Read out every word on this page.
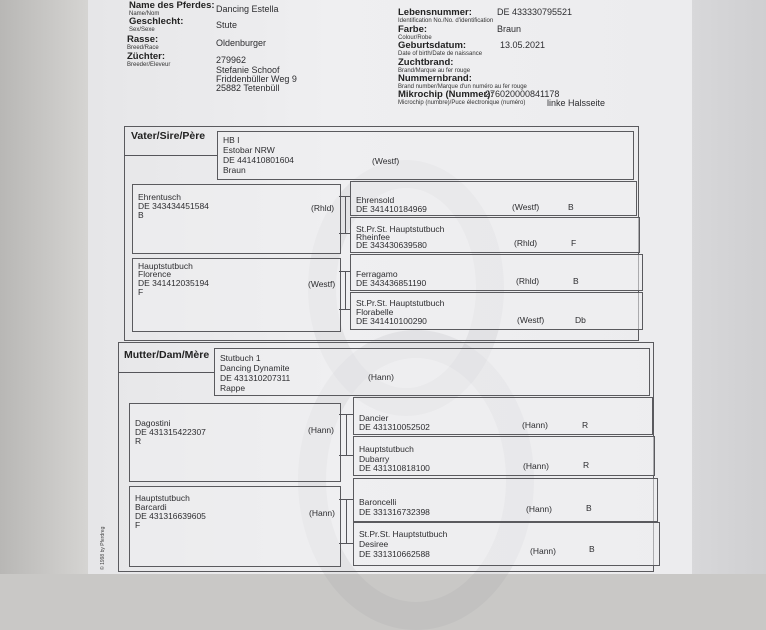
Name des Pferdes:
Name/Nom	Dancing Estella
Geschlecht:
Sex/Sexe	Stute
Rasse:
Breed/Race	Oldenburger
Züchter:
Breeder/Eleveur	279962
Stefanie Schoof
Friddenbüller Weg 9
25882 Tetenbüll
Lebensnummer:
Identification No./No. d'identification
DE 433330795521
Farbe:
Colour/Robe
Braun
Geburtsdatum:
Date of birth/Date de naissance
13.05.2021
Zuchtbrand:
Brand/Marque au fer rouge
Nummernbrand:
Brand number/Marque d'un numéro au fer rouge
Mikrochip (Nummer):
Microchip (numbre)/Puce électronique (numéro)
276020000841178
linke Halsseite
Vater/Sire/Père HB I
Estobar NRW
DE 441410801604
Braun
(Westf)
Ehrentusch
DE 343434451584
B
(Rhld)
Hauptstutbuch
Florence
DE 341412035194
F
(Westf)
Ehrensold
DE 341410184969	(Westf)	B
St.Pr.St. Hauptstutbuch
Rheinfee
DE 343430639580	(Rhld)	F
Ferragamo
DE 343436851190	(Rhld)	B
St.Pr.St. Hauptstutbuch
Florabelle
DE 341410100290	(Westf)	Db
Mutter/Dam/Mère Stutbuch 1
Dancing Dynamite
DE 431310207311
Rappe
(Hann)
Dagostini
DE 431315422307
R
(Hann)
Hauptstutbuch
Barcardi
DE 431316639605
F
(Hann)
Dancier
DE 431310052502	(Hann)	R
Hauptstutbuch
Dubarry
DE 431310818100	(Hann)	R
Baroncelli
DE 331316732398	(Hann)	B
St.Pr.St. Hauptstutbuch
Desiree
DE 331310662588	(Hann)	B
© 1998 by Pferdreg
